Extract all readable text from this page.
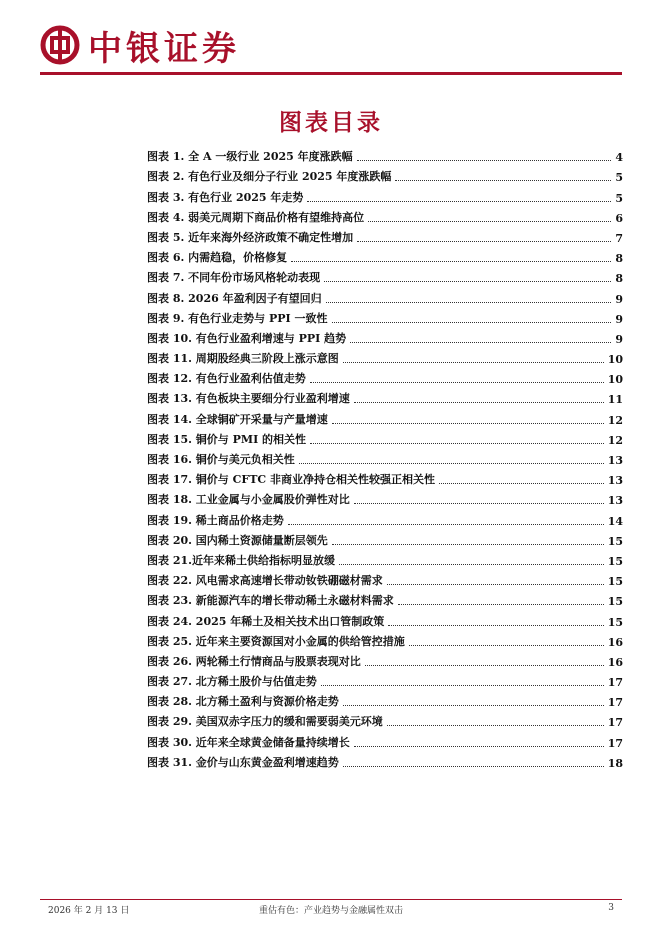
中银证券
图表目录
图表 1. 全 A 一级行业 2025 年度涨跌幅	4
图表 2. 有色行业及细分子行业 2025 年度涨跌幅	5
图表 3. 有色行业 2025 年走势	5
图表 4. 弱美元周期下商品价格有望维持高位	6
图表 5. 近年来海外经济政策不确定性增加	7
图表 6. 内需趋稳，价格修复	8
图表 7. 不同年份市场风格轮动表现	8
图表 8. 2026 年盈利因子有望回归	9
图表 9. 有色行业走势与 PPI 一致性	9
图表 10. 有色行业盈利增速与 PPI 趋势	9
图表 11. 周期股经典三阶段上涨示意图	10
图表 12. 有色行业盈利估值走势	10
图表 13. 有色板块主要细分行业盈利增速	11
图表 14. 全球铜矿开采量与产量增速	12
图表 15. 铜价与 PMI 的相关性	12
图表 16. 铜价与美元负相关性	13
图表 17. 铜价与 CFTC 非商业净持仓相关性较强正相关性	13
图表 18. 工业金属与小金属股价弹性对比	13
图表 19. 稀土商品价格走势	14
图表 20. 国内稀土资源储量断层领先	15
图表 21.近年来稀土供给指标明显放缓	15
图表 22. 风电需求高速增长带动钕铁硼磁材需求	15
图表 23. 新能源汽车的增长带动稀土永磁材料需求	15
图表 24. 2025 年稀土及相关技术出口管制政策	15
图表 25. 近年来主要资源国对小金属的供给管控措施	16
图表 26. 两轮稀土行情商品与股票表现对比	16
图表 27. 北方稀土股价与估值走势	17
图表 28. 北方稀土盈利与资源价格走势	17
图表 29. 美国双赤字压力的缓和需要弱美元环境	17
图表 30. 近年来全球黄金储备量持续增长	17
图表 31. 金价与山东黄金盈利增速趋势	18
2026 年 2 月 13 日	重估有色：产业趋势与金融属性双击	3
